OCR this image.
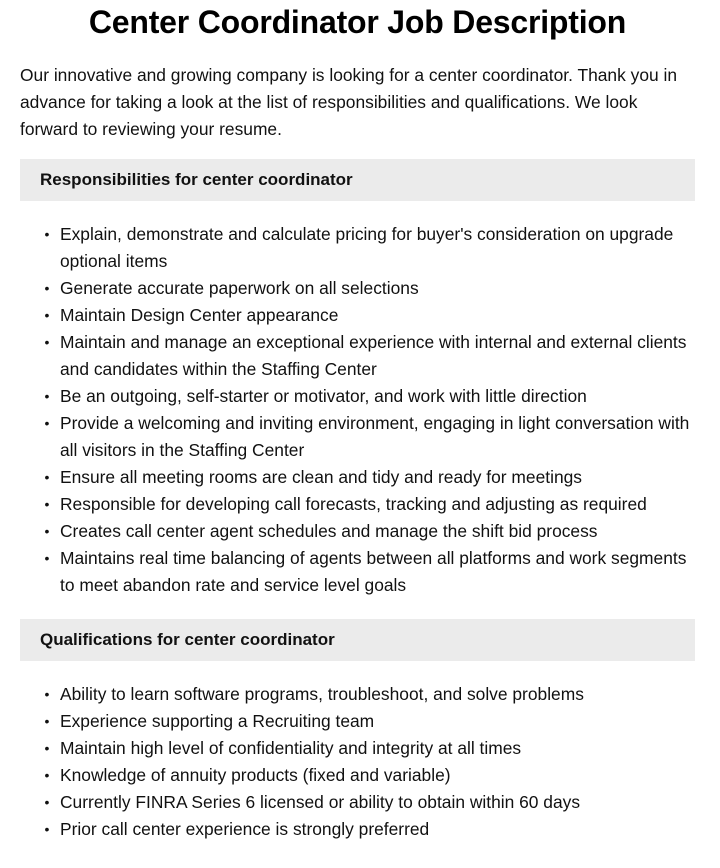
Center Coordinator Job Description

Our innovative and growing company is looking for a center coordinator. Thank you in advance for taking a look at the list of responsibilities and qualifications. We look forward to reviewing your resume.

Responsibilities for center coordinator
• Explain, demonstrate and calculate pricing for buyer's consideration on upgrade optional items
• Generate accurate paperwork on all selections
• Maintain Design Center appearance
• Maintain and manage an exceptional experience with internal and external clients and candidates within the Staffing Center
• Be an outgoing, self-starter or motivator, and work with little direction
• Provide a welcoming and inviting environment, engaging in light conversation with all visitors in the Staffing Center
• Ensure all meeting rooms are clean and tidy and ready for meetings
• Responsible for developing call forecasts, tracking and adjusting as required
• Creates call center agent schedules and manage the shift bid process
• Maintains real time balancing of agents between all platforms and work segments to meet abandon rate and service level goals
Qualifications for center coordinator
• Ability to learn software programs, troubleshoot, and solve problems
• Experience supporting a Recruiting team
• Maintain high level of confidentiality and integrity at all times
• Knowledge of annuity products (fixed and variable)
• Currently FINRA Series 6 licensed or ability to obtain within 60 days
• Prior call center experience is strongly preferred
